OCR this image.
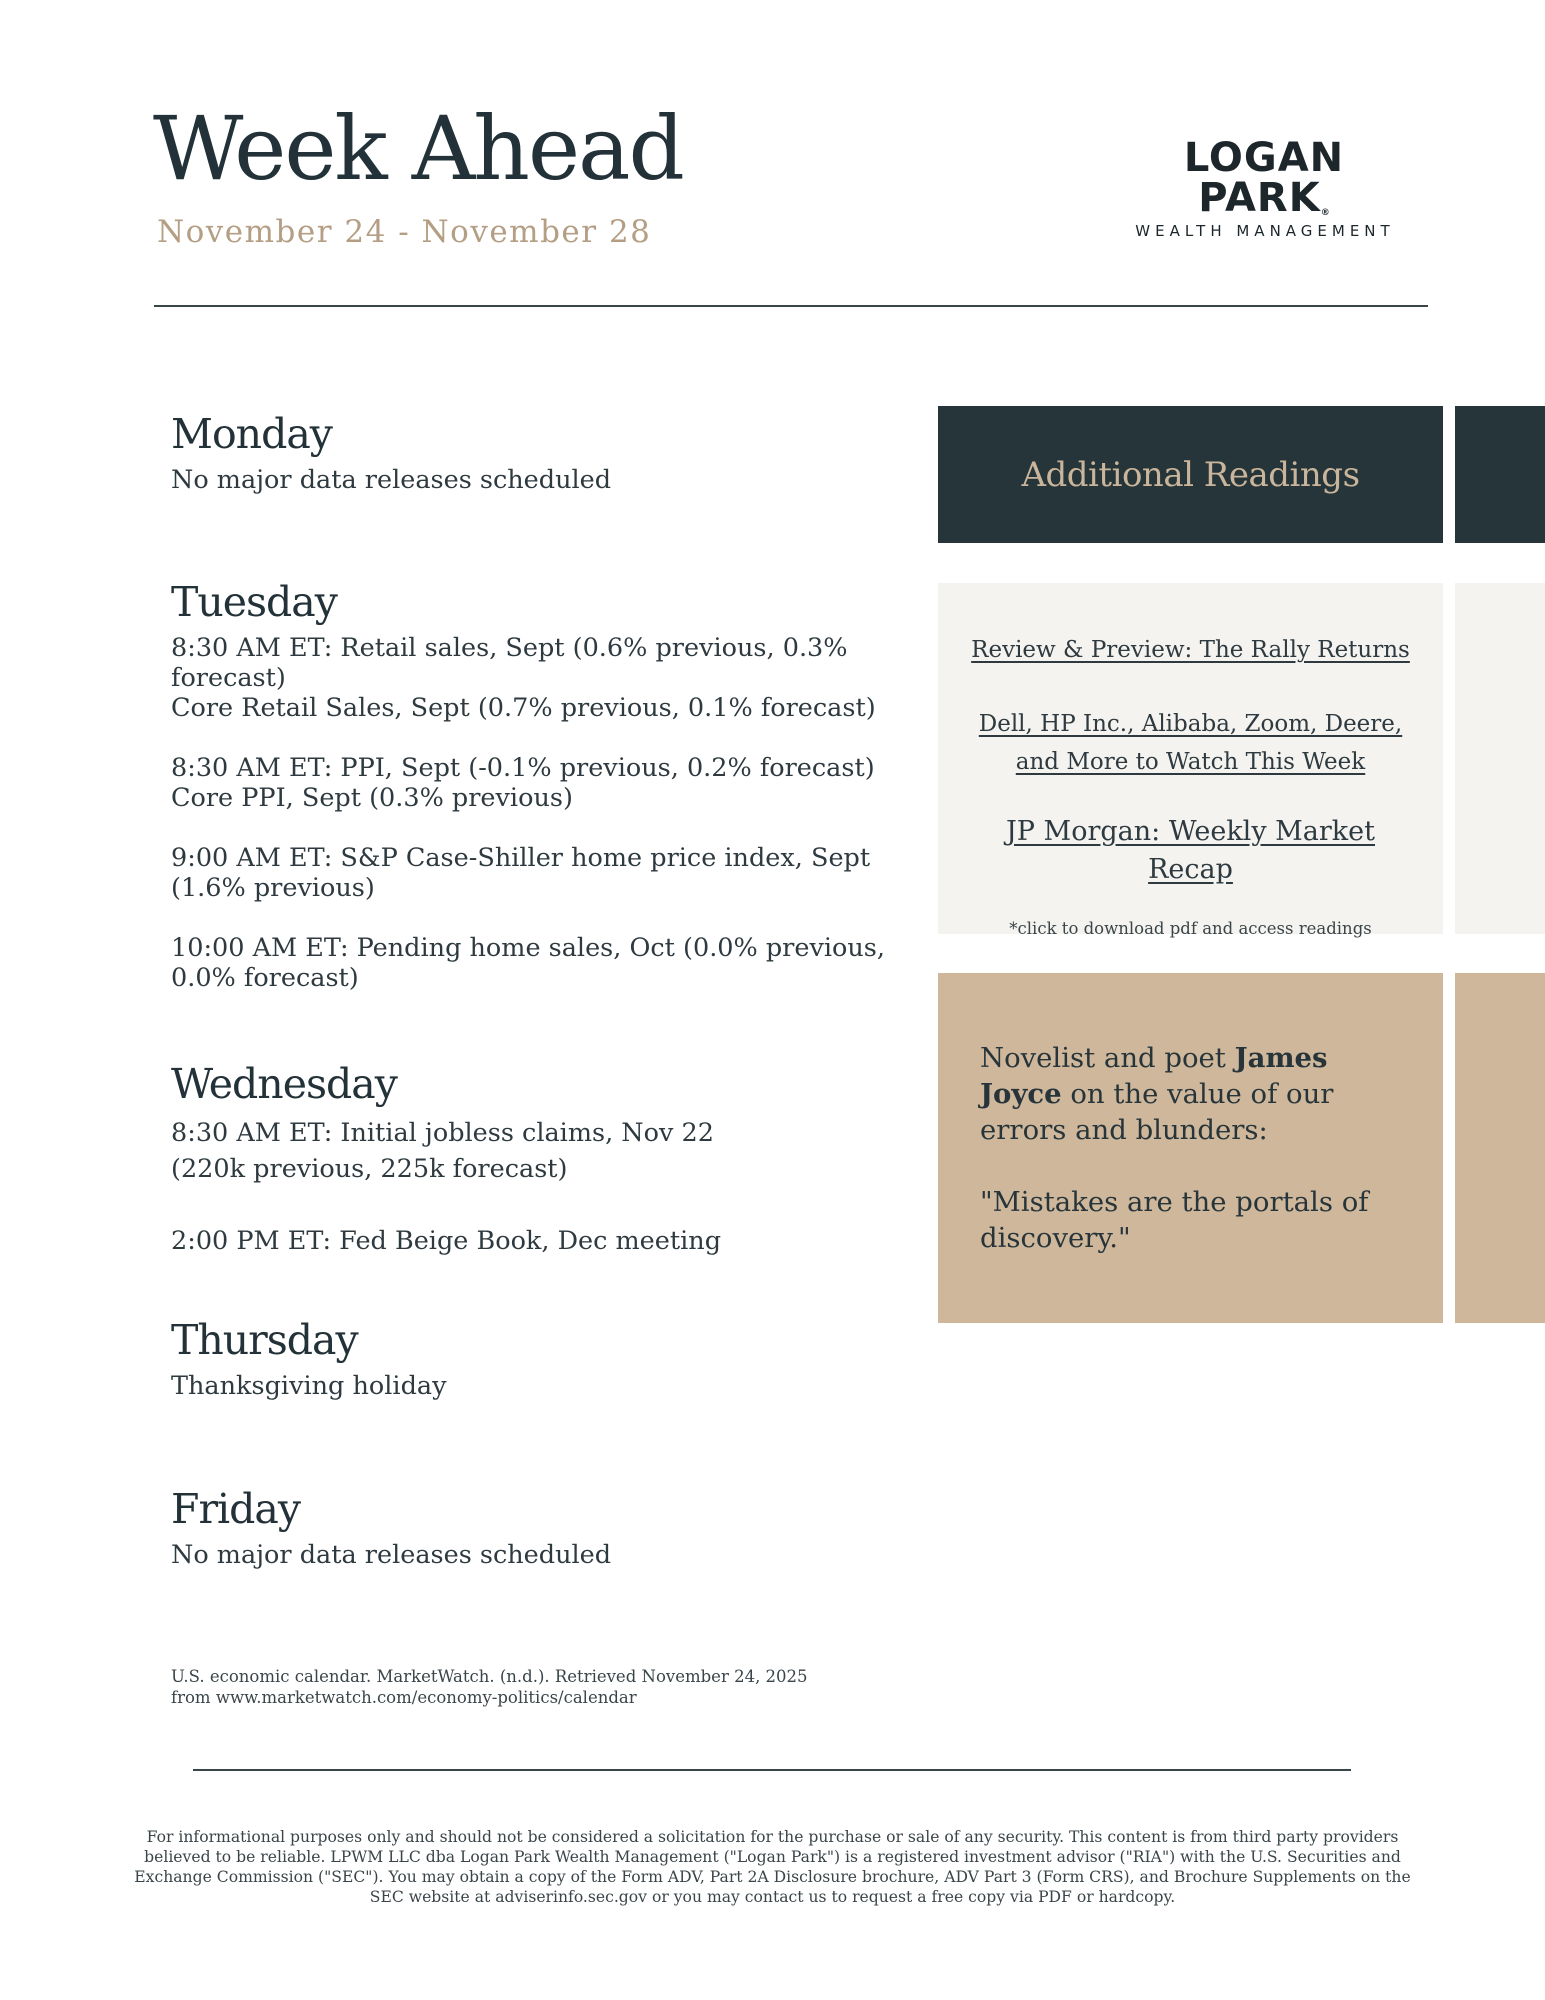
Week Ahead
November 24 - November 28
LOGAN PARK®
WEALTH MANAGEMENT
Monday
No major data releases scheduled
Tuesday
8:30 AM ET: Retail sales, Sept (0.6% previous, 0.3% forecast)
Core Retail Sales, Sept (0.7% previous, 0.1% forecast)
8:30 AM ET: PPI, Sept (-0.1% previous, 0.2% forecast)
Core PPI, Sept (0.3% previous)
9:00 AM ET: S&P Case-Shiller home price index, Sept (1.6% previous)
10:00 AM ET: Pending home sales, Oct (0.0% previous, 0.0% forecast)
Wednesday
8:30 AM ET: Initial jobless claims, Nov 22 (220k previous, 225k forecast)
2:00 PM ET: Fed Beige Book, Dec meeting
Thursday
Thanksgiving holiday
Friday
No major data releases scheduled
U.S. economic calendar. MarketWatch. (n.d.). Retrieved November 24, 2025 from www.marketwatch.com/economy-politics/calendar
Additional Readings
Review & Preview: The Rally Returns
Dell, HP Inc., Alibaba, Zoom, Deere, and More to Watch This Week
JP Morgan: Weekly Market Recap
*click to download pdf and access readings
Novelist and poet James Joyce on the value of our errors and blunders:
"Mistakes are the portals of discovery."
For informational purposes only and should not be considered a solicitation for the purchase or sale of any security. This content is from third party providers believed to be reliable. LPWM LLC dba Logan Park Wealth Management ("Logan Park") is a registered investment advisor ("RIA") with the U.S. Securities and Exchange Commission ("SEC"). You may obtain a copy of the Form ADV, Part 2A Disclosure brochure, ADV Part 3 (Form CRS), and Brochure Supplements on the SEC website at adviserinfo.sec.gov or you may contact us to request a free copy via PDF or hardcopy.
